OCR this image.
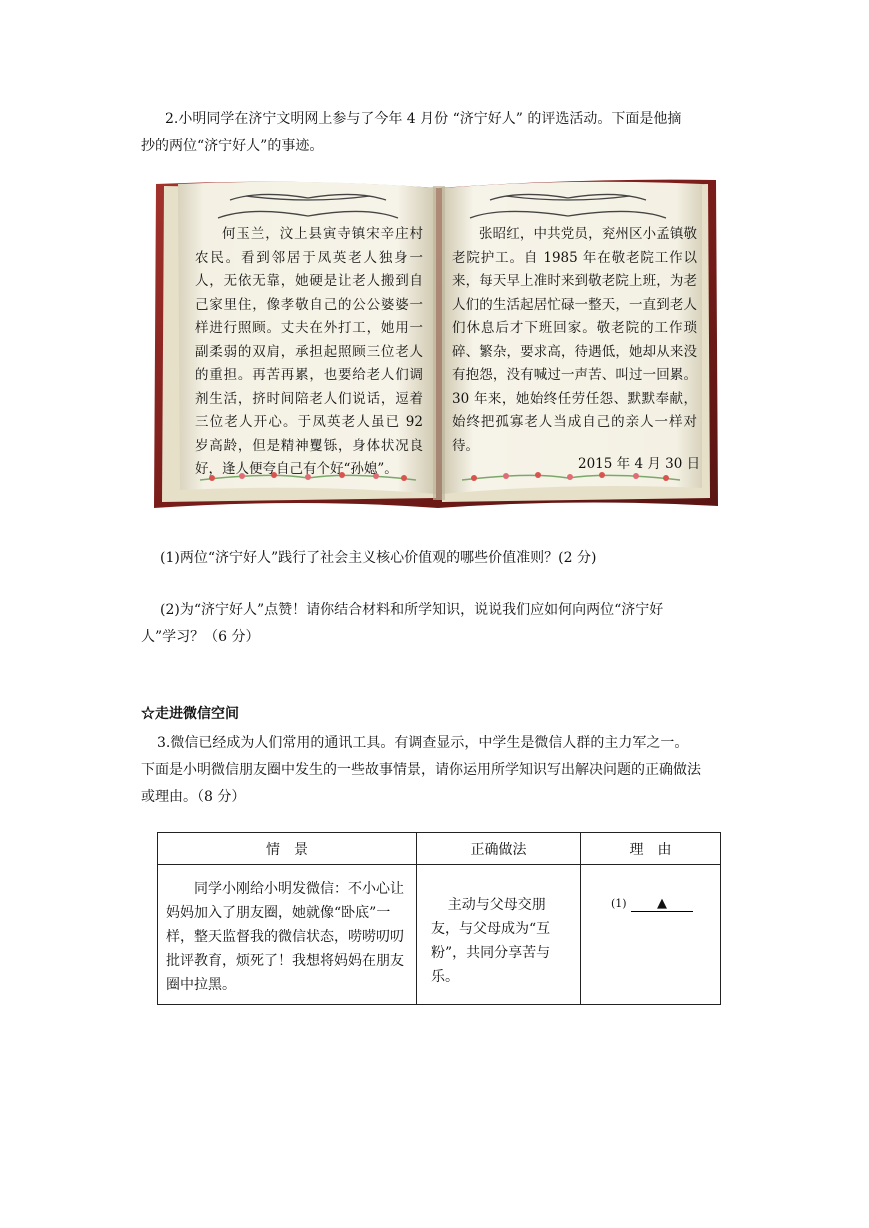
2.小明同学在济宁文明网上参与了今年 4 月份 “济宁好人” 的评选活动。下面是他摘
抄的两位“济宁好人”的事迹。
何玉兰，汶上县寅寺镇宋辛庄村农民。看到邻居于凤英老人独身一人，无依无靠，她硬是让老人搬到自己家里住，像孝敬自己的公公婆婆一样进行照顾。丈夫在外打工，她用一副柔弱的双肩，承担起照顾三位老人的重担。再苦再累，也要给老人们调剂生活，挤时间陪老人们说话，逗着三位老人开心。于凤英老人虽已 92 岁高龄，但是精神矍铄，身体状况良好，逢人便夸自己有个好“孙媳”。
张昭红，中共党员，兖州区小孟镇敬老院护工。自 1985 年在敬老院工作以来，每天早上准时来到敬老院上班，为老人们的生活起居忙碌一整天，一直到老人们休息后才下班回家。敬老院的工作琐碎、繁杂，要求高，待遇低，她却从来没有抱怨，没有喊过一声苦、叫过一回累。30 年来，她始终任劳任怨、默默奉献，始终把孤寡老人当成自己的亲人一样对待。
2015 年 4 月 30 日
(1)两位“济宁好人”践行了社会主义核心价值观的哪些价值准则？(2 分)
(2)为“济宁好人”点赞！请你结合材料和所学知识，说说我们应如何向两位“济宁好
人”学习？（6 分）
☆走进微信空间
3.微信已经成为人们常用的通讯工具。有调查显示，中学生是微信人群的主力军之一。
下面是小明微信朋友圈中发生的一些故事情景，请你运用所学知识写出解决问题的正确做法
或理由。（8 分）
情　景	正确做法	理　由
同学小刚给小明发微信：不小心让妈妈加入了朋友圈，她就像“卧底”一样，整天监督我的微信状态，唠唠叨叨批评教育，烦死了！我想将妈妈在朋友圈中拉黑。	主动与父母交朋友，与父母成为“互粉”，共同分享苦与乐。	(1) ▲
